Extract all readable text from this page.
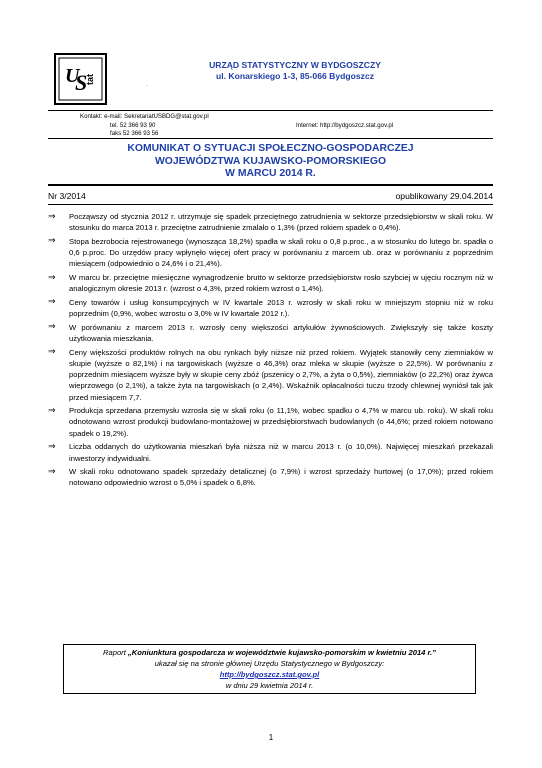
U
S
tat
URZĄD STATYSTYCZNY W BYDGOSZCZY
ul. Konarskiego 1-3, 85-066 Bydgoszcz
`
Kontakt: e-mail: SekretariatUSBDG@stat.gov.pl
tel. 52 366 93 90
faks 52 366 93 56
Internet: http://bydgoszcz.stat.gov.pl
KOMUNIKAT O SYTUACJI SPOŁECZNO-GOSPODARCZEJ
WOJEWÓDZTWA KUJAWSKO-POMORSKIEGO
W MARCU 2014 R.
Nr 3/2014	opublikowany 29.04.2014
⇒ Począwszy od stycznia 2012 r. utrzymuje się spadek przeciętnego zatrudnienia w sektorze przedsiębiorstw w skali roku. W stosunku do marca 2013 r. przeciętne zatrudnienie zmalało o 1,3% (przed rokiem spadek o 0,4%).
⇒ Stopa bezrobocia rejestrowanego (wynosząca 18,2%) spadła w skali roku o 0,8 p.proc., a w stosunku do lutego br. spadła o 0,6 p.proc. Do urzędów pracy wpłynęło więcej ofert pracy w porównaniu z marcem ub. oraz w porównaniu z poprzednim miesiącem (odpowiednio o 24,6% i o 21,4%).
⇒ W marcu br. przeciętne miesięczne wynagrodzenie brutto w sektorze przedsiębiorstw rosło szybciej w ujęciu rocznym niż w analogicznym okresie 2013 r. (wzrost o 4,3%, przed rokiem wzrost o 1,4%).
⇒ Ceny towarów i usług konsumpcyjnych w IV kwartale 2013 r. wzrosły w skali roku w mniejszym stopniu niż w roku poprzednim (0,9%, wobec wzrostu o 3,0% w IV kwartale 2012 r.).
⇒ W porównaniu z marcem 2013 r. wzrosły ceny większości artykułów żywnościowych. Zwiększyły się także koszty użytkowania mieszkania.
⇒ Ceny większości produktów rolnych na obu rynkach były niższe niż przed rokiem. Wyjątek stanowiły ceny ziemniaków w skupie (wyższe o 82,1%) i na targowiskach (wyższe o 46,3%) oraz mleka w skupie (wyższe o 22,5%). W porównaniu z poprzednim miesiącem wyższe były w skupie ceny zbóż (pszenicy o 2,7%, a żyta o 0,5%), ziemniaków (o 22,2%) oraz żywca wieprzowego (o 2,1%), a także żyta na targowiskach (o 2,4%). Wskaźnik opłacalności tuczu trzody chlewnej wyniósł tak jak przed miesiącem 7,7.
⇒ Produkcja sprzedana przemysłu wzrosła się w skali roku (o 11,1%, wobec spadku o 4,7% w marcu ub. roku). W skali roku odnotowano wzrost produkcji budowlano-montażowej w przedsiębiorstwach budowlanych (o 44,6%; przed rokiem notowano spadek o 19,2%).
⇒ Liczba oddanych do użytkowania mieszkań była niższa niż w marcu 2013 r. (o 10,0%). Najwięcej mieszkań przekazali inwestorzy indywidualni.
⇒ W skali roku odnotowano spadek sprzedaży detalicznej (o 7,9%) i wzrost sprzedaży hurtowej (o 17,0%); przed rokiem notowano odpowiednio wzrost o 5,0% i spadek o 6,8%.
Raport „Koniunktura gospodarcza w województwie kujawsko-pomorskim w kwietniu 2014 r.”
ukazał się na stronie głównej Urzędu Statystycznego w Bydgoszczy:
http://bydgoszcz.stat.gov.pl
w dniu 29 kwietnia 2014 r.
1
